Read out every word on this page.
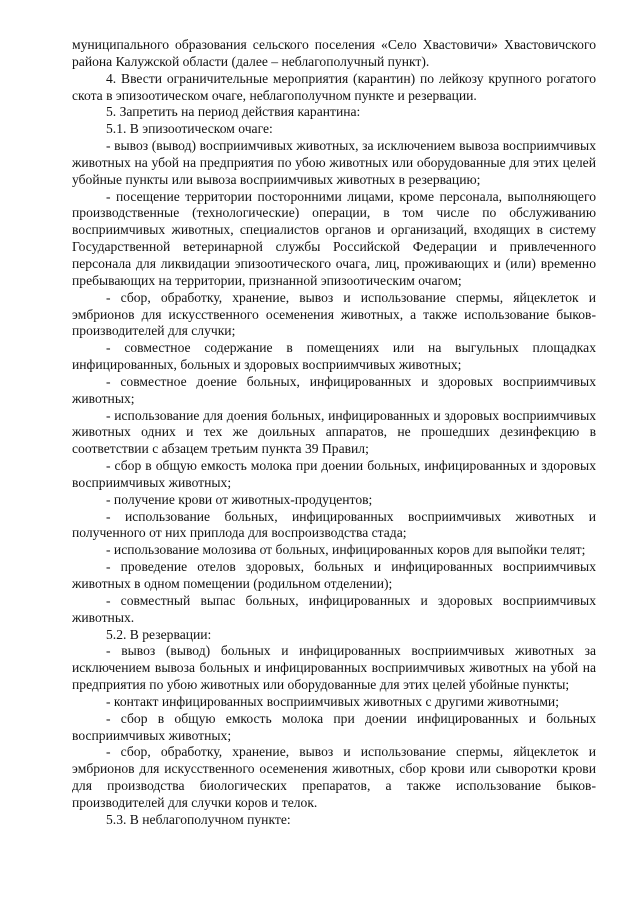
муниципального образования сельского поселения «Село Хвастовичи» Хвастовичского района Калужской области (далее – неблагополучный пункт).

4. Ввести ограничительные мероприятия (карантин) по лейкозу крупного рогатого скота в эпизоотическом очаге, неблагополучном пункте и резервации.

5. Запретить на период действия карантина:

5.1. В эпизоотическом очаге:

- вывоз (вывод) восприимчивых животных, за исключением вывоза восприимчивых животных на убой на предприятия по убою животных или оборудованные для этих целей убойные пункты или вывоза восприимчивых животных в резервацию;

- посещение территории посторонними лицами, кроме персонала, выполняющего производственные (технологические) операции, в том числе по обслуживанию восприимчивых животных, специалистов органов и организаций, входящих в систему Государственной ветеринарной службы Российской Федерации и привлеченного персонала для ликвидации эпизоотического очага, лиц, проживающих и (или) временно пребывающих на территории, признанной эпизоотическим очагом;

- сбор, обработку, хранение, вывоз и использование спермы, яйцеклеток и эмбрионов для искусственного осеменения животных, а также использование быков-производителей для случки;

- совместное содержание в помещениях или на выгульных площадках инфицированных, больных и здоровых восприимчивых животных;

- совместное доение больных, инфицированных и здоровых восприимчивых животных;

- использование для доения больных, инфицированных и здоровых восприимчивых животных одних и тех же доильных аппаратов, не прошедших дезинфекцию в соответствии с абзацем третьим пункта 39 Правил;

- сбор в общую емкость молока при доении больных, инфицированных и здоровых восприимчивых животных;

- получение крови от животных-продуцентов;

- использование больных, инфицированных восприимчивых животных и полученного от них приплода для воспроизводства стада;

- использование молозива от больных, инфицированных коров для выпойки телят;

- проведение отелов здоровых, больных и инфицированных восприимчивых животных в одном помещении (родильном отделении);

- совместный выпас больных, инфицированных и здоровых восприимчивых животных.

5.2. В резервации:

- вывоз (вывод) больных и инфицированных восприимчивых животных за исключением вывоза больных и инфицированных восприимчивых животных на убой на предприятия по убою животных или оборудованные для этих целей убойные пункты;

- контакт инфицированных восприимчивых животных с другими животными;

- сбор в общую емкость молока при доении инфицированных и больных восприимчивых животных;

- сбор, обработку, хранение, вывоз и использование спермы, яйцеклеток и эмбрионов для искусственного осеменения животных, сбор крови или сыворотки крови для производства биологических препаратов, а также использование быков-производителей для случки коров и телок.

5.3. В неблагополучном пункте:
